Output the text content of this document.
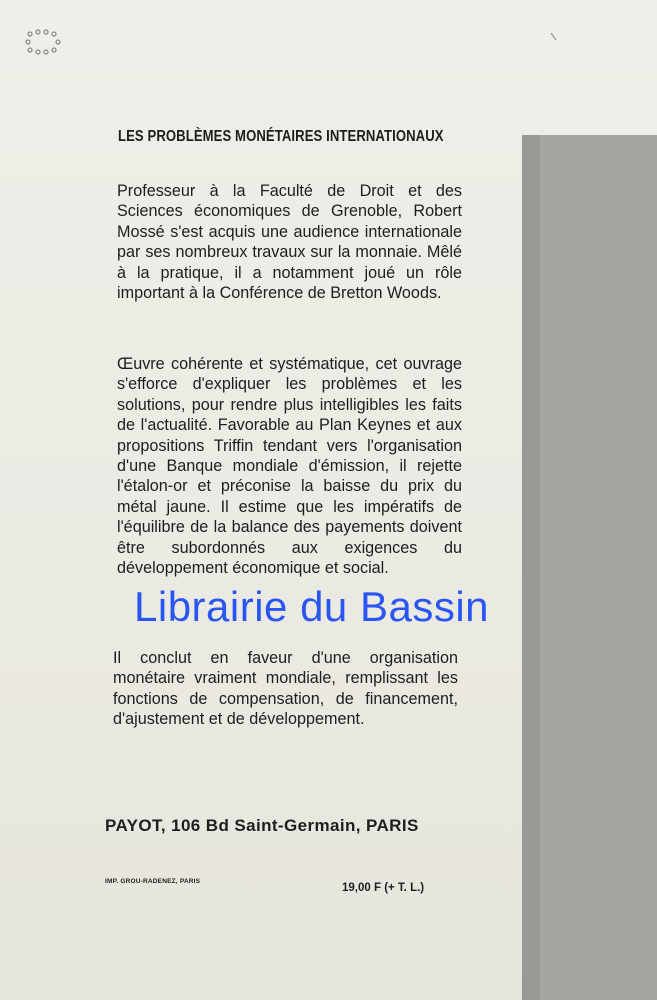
LES PROBLÈMES MONÉTAIRES INTERNATIONAUX

Professeur à la Faculté de Droit et des Sciences économiques de Grenoble, Robert Mossé s'est acquis une audience internationale par ses nombreux travaux sur la monnaie. Mêlé à la pratique, il a notamment joué un rôle important à la Conférence de Bretton Woods.

Œuvre cohérente et systématique, cet ouvrage s'efforce d'expliquer les problèmes et les solutions, pour rendre plus intelligibles les faits de l'actualité. Favorable au Plan Keynes et aux propositions Triffin tendant vers l'organisation d'une Banque mondiale d'émission, il rejette l'étalon-or et préconise la baisse du prix du métal jaune. Il estime que les impératifs de l'équilibre de la balance des payements doivent être subordonnés aux exigences du développement économique et social.

Il conclut en faveur d'une organisation monétaire vraiment mondiale, remplissant les fonctions de compensation, de financement, d'ajustement et de développement.

PAYOT, 106 Bd Saint-Germain, PARIS
IMP. GROU-RADENEZ, PARIS
19,00 F (+ T. L.)
Librairie du Bassin
